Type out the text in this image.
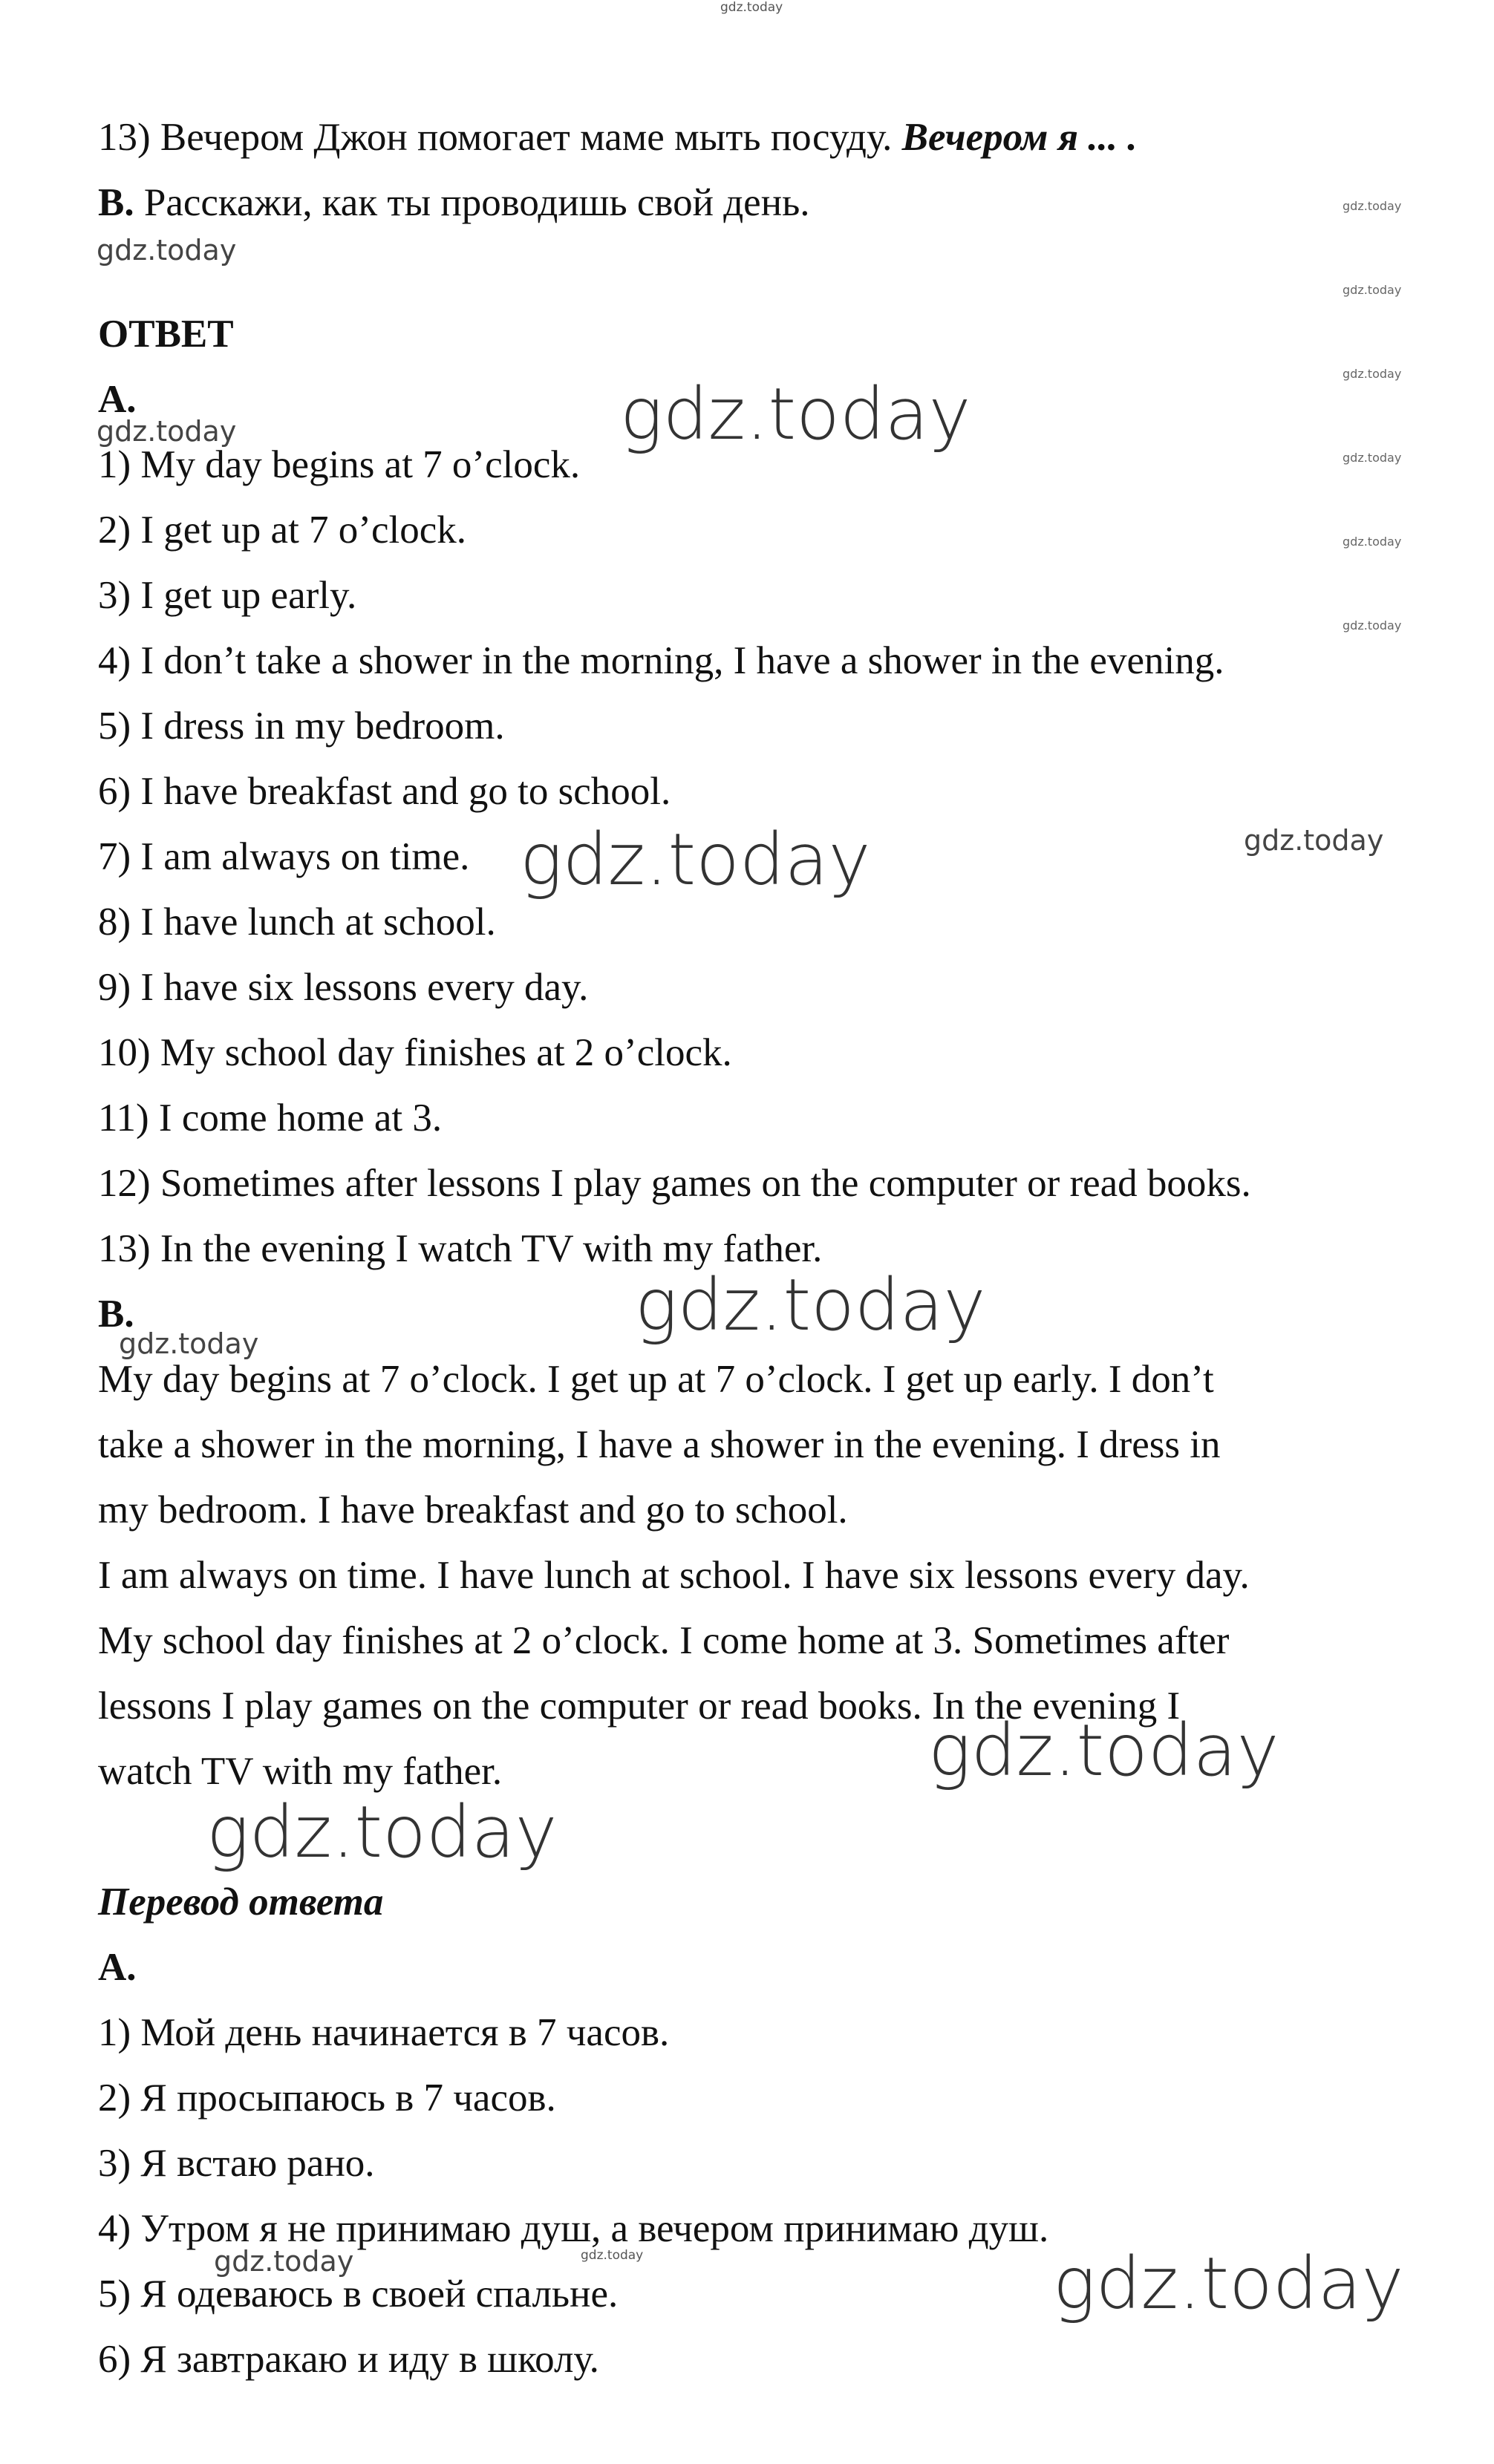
13) Вечером Джон помогает маме мыть посуду. Вечером я ... .
B. Расскажи, как ты проводишь свой день.
ОТВЕТ
A.
1) My day begins at 7 o’clock.
2) I get up at 7 o’clock.
3) I get up early.
4) I don’t take a shower in the morning, I have a shower in the evening.
5) I dress in my bedroom.
6) I have breakfast and go to school.
7) I am always on time.
8) I have lunch at school.
9) I have six lessons every day.
10) My school day finishes at 2 o’clock.
11) I come home at 3.
12) Sometimes after lessons I play games on the computer or read books.
13) In the evening I watch TV with my father.
B.
My day begins at 7 o’clock. I get up at 7 o’clock. I get up early. I don’t
take a shower in the morning, I have a shower in the evening. I dress in
my bedroom. I have breakfast and go to school.
I am always on time. I have lunch at school. I have six lessons every day.
My school day finishes at 2 o’clock. I come home at 3. Sometimes after
lessons I play games on the computer or read books. In the evening I
watch TV with my father.
Перевод ответа
A.
1) Мой день начинается в 7 часов.
2) Я просыпаюсь в 7 часов.
3) Я встаю рано.
4) Утром я не принимаю душ, а вечером принимаю душ.
5) Я одеваюсь в своей спальне.
6) Я завтракаю и иду в школу.
gdz.today
gdz.today
gdz.today
gdz.today
gdz.today
gdz.today
gdz.today
gdz.today
gdz.today
gdz.today
gdz.today
gdz.today	gdz.today
gdz.today
gdz.today
gdz.today
gdz.today
gdz.today
gdz.today
